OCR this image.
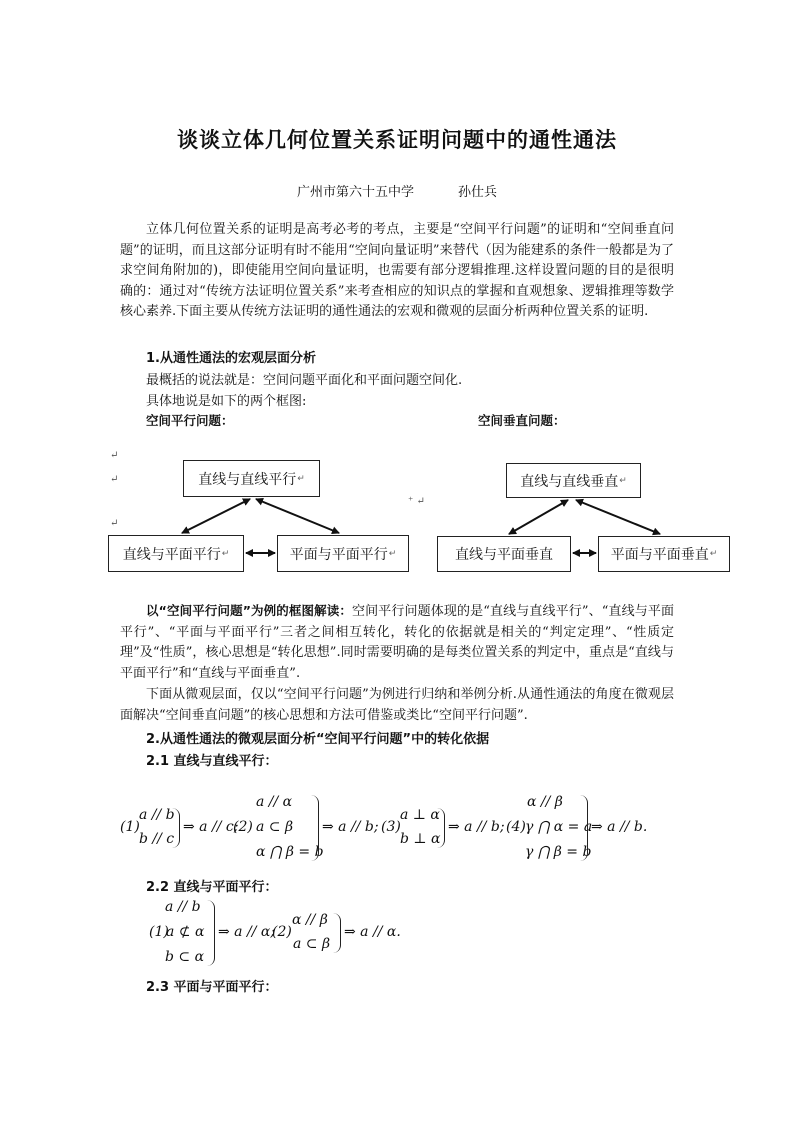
谈谈立体几何位置关系证明问题中的通性通法
广州市第六十五中学	孙仕兵
立体几何位置关系的证明是高考必考的考点，主要是“空间平行问题”的证明和“空间垂直问题”的证明，而且这部分证明有时不能用“空间向量证明”来替代（因为能建系的条件一般都是为了求空间角附加的)，即使能用空间向量证明，也需要有部分逻辑推理.这样设置问题的目的是很明确的：通过对“传统方法证明位置关系”来考查相应的知识点的掌握和直观想象、逻辑推理等数学核心素养.下面主要从传统方法证明的通性通法的宏观和微观的层面分析两种位置关系的证明.
1.从通性通法的宏观层面分析
最概括的说法就是：空间问题平面化和平面问题空间化.
具体地说是如下的两个框图:
空间平行问题：	空间垂直问题：
↵
↵
↵
⁺ ↵
直线与直线平行 ↵
直线与平面平行 ↵	平面与平面平行 ↵
直线与直线垂直 ↵
直线与平面垂直	平面与平面垂直 ↵
以“空间平行问题”为例的框图解读：空间平行问题体现的是“直线与直线平行”、“直线与平面平行”、“平面与平面平行”三者之间相互转化，转化的依据就是相关的“判定定理”、“性质定理”及“性质”，核心思想是“转化思想”.同时需要明确的是每类位置关系的判定中，重点是“直线与平面平行”和“直线与平面垂直”.
下面从微观层面，仅以“空间平行问题”为例进行归纳和举例分析.从通性通法的角度在微观层面解决“空间垂直问题”的核心思想和方法可借鉴或类比“空间平行问题”.
2.从通性通法的微观层面分析“空间平行问题”中的转化依据
2.1 直线与直线平行：
(1)
a // b
b // c
⇒ a // c;
(2)
a // α
a ⊂ β
α ⋂ β = b
⇒ a // b; (3)
a ⊥ α
b ⊥ α
⇒ a // b; (4)
α // β
γ ⋂ α = a
γ ⋂ β = b
⇒ a // b.
2.2 直线与平面平行：
a // b
(1)
a ⊄ α
b ⊂ α
⇒ a // α;
(2)
α // β
a ⊂ β
⇒ a // α.
2.3 平面与平面平行：
